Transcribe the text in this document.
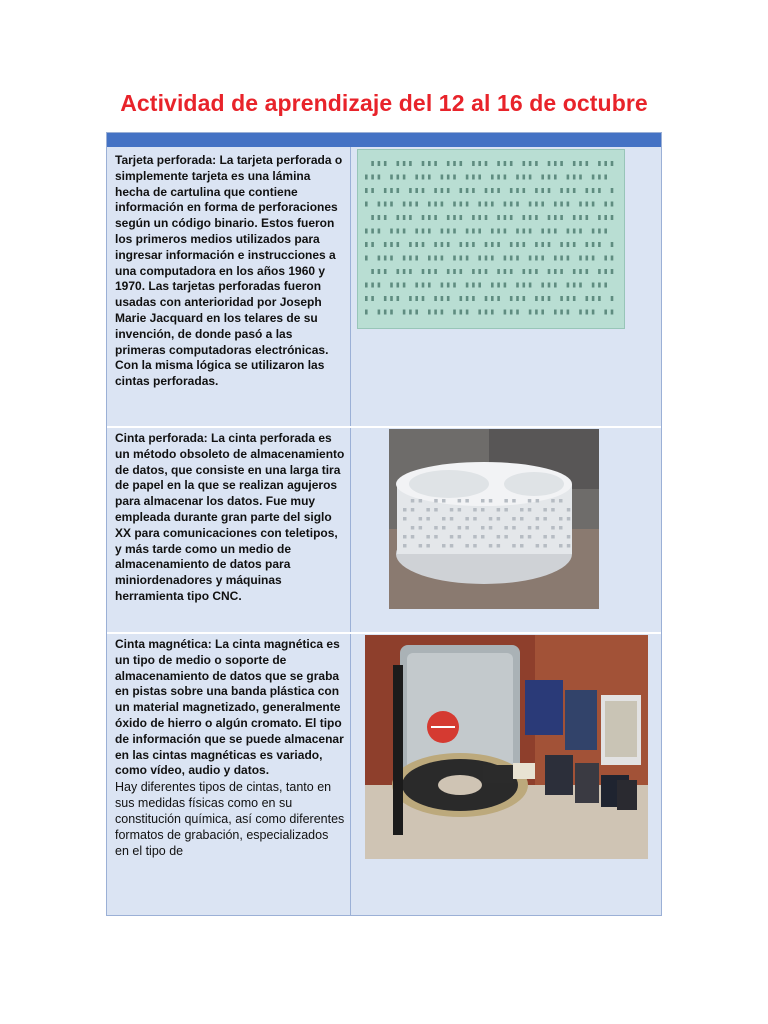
Actividad de aprendizaje del 12 al 16 de octubre
Tarjeta perforada: La tarjeta perforada o simplemente tarjeta es una lámina hecha de cartulina que contiene información en forma de perforaciones según un código binario. Estos fueron los primeros medios utilizados para ingresar información e instrucciones a una computadora en los años 1960 y 1970. Las tarjetas perforadas fueron usadas con anterioridad por Joseph Marie Jacquard en los telares de su invención, de donde pasó a las primeras computadoras electrónicas. Con la misma lógica se utilizaron las cintas perforadas.
Cinta perforada: La cinta perforada es un método obsoleto de almacenamiento de datos, que consiste en una larga tira de papel en la que se realizan agujeros para almacenar los datos. Fue muy empleada durante gran parte del siglo XX para comunicaciones con teletipos, y más tarde como un medio de almacenamiento de datos para miniordenadores y máquinas herramienta tipo CNC.
Cinta magnética: La cinta magnética es un tipo de medio o soporte de almacenamiento de datos que se graba en pistas sobre una banda plástica con un material magnetizado, generalmente óxido de hierro o algún cromato. El tipo de información que se puede almacenar en las cintas magnéticas es variado, como vídeo, audio y datos.
Hay diferentes tipos de cintas, tanto en sus medidas físicas como en su constitución química, así como diferentes formatos de grabación, especializados en el tipo de
